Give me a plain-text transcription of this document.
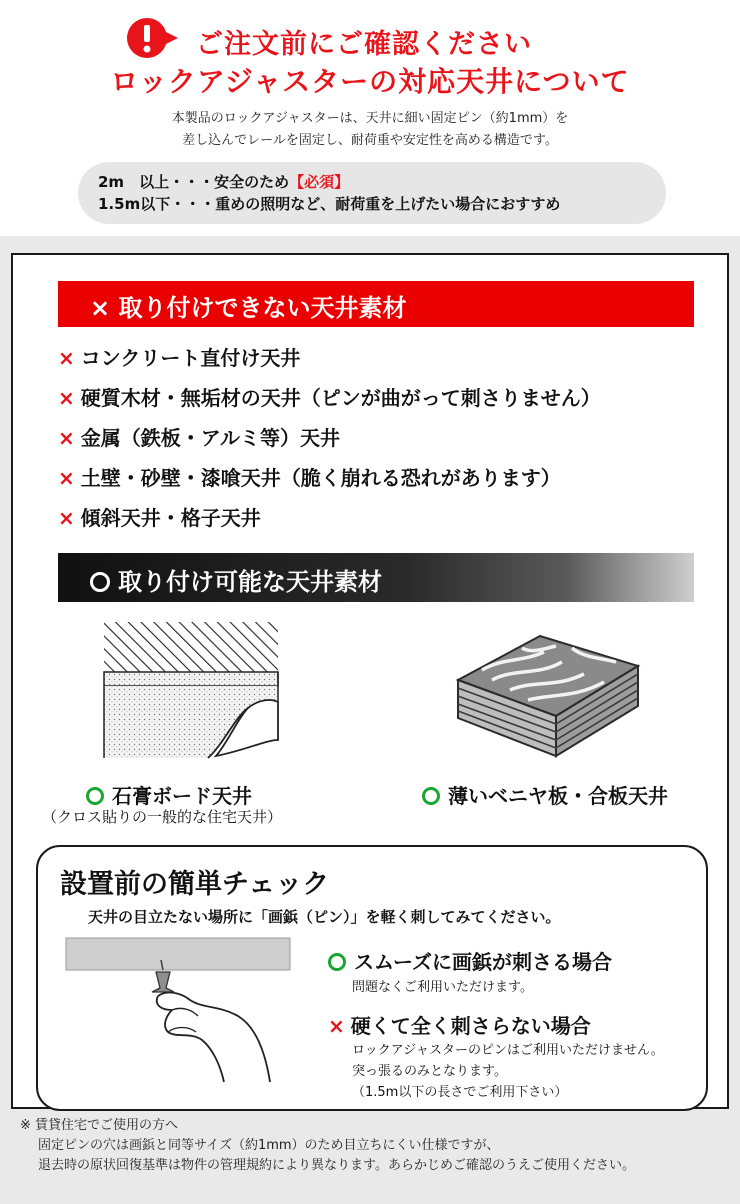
ご注文前にご確認ください
ロックアジャスターの対応天井について
本製品のロックアジャスターは、天井に細い固定ピン（約1mm）を
差し込んでレールを固定し、耐荷重や安定性を高める構造です。
2m　以上・・・安全のため【必須】
1.5m以下・・・重めの照明など、耐荷重を上げたい場合におすすめ
× 取り付けできない天井素材
× コンクリート直付け天井
× 硬質木材・無垢材の天井（ピンが曲がって刺さりません）
× 金属（鉄板・アルミ等）天井
× 土壁・砂壁・漆喰天井（脆く崩れる恐れがあります）
× 傾斜天井・格子天井
取り付け可能な天井素材
石膏ボード天井
（クロス貼りの一般的な住宅天井）
薄いベニヤ板・合板天井
設置前の簡単チェック
天井の目立たない場所に「画鋲（ピン）」を軽く刺してみてください。
スムーズに画鋲が刺さる場合
問題なくご利用いただけます。
× 硬くて全く刺さらない場合
ロックアジャスターのピンはご利用いただけません。
突っ張るのみとなります。
（1.5m以下の長さでご利用下さい）
※ 賃貸住宅でご使用の方へ
固定ピンの穴は画鋲と同等サイズ（約1mm）のため目立ちにくい仕様ですが、
退去時の原状回復基準は物件の管理規約により異なります。あらかじめご確認のうえご使用ください。
